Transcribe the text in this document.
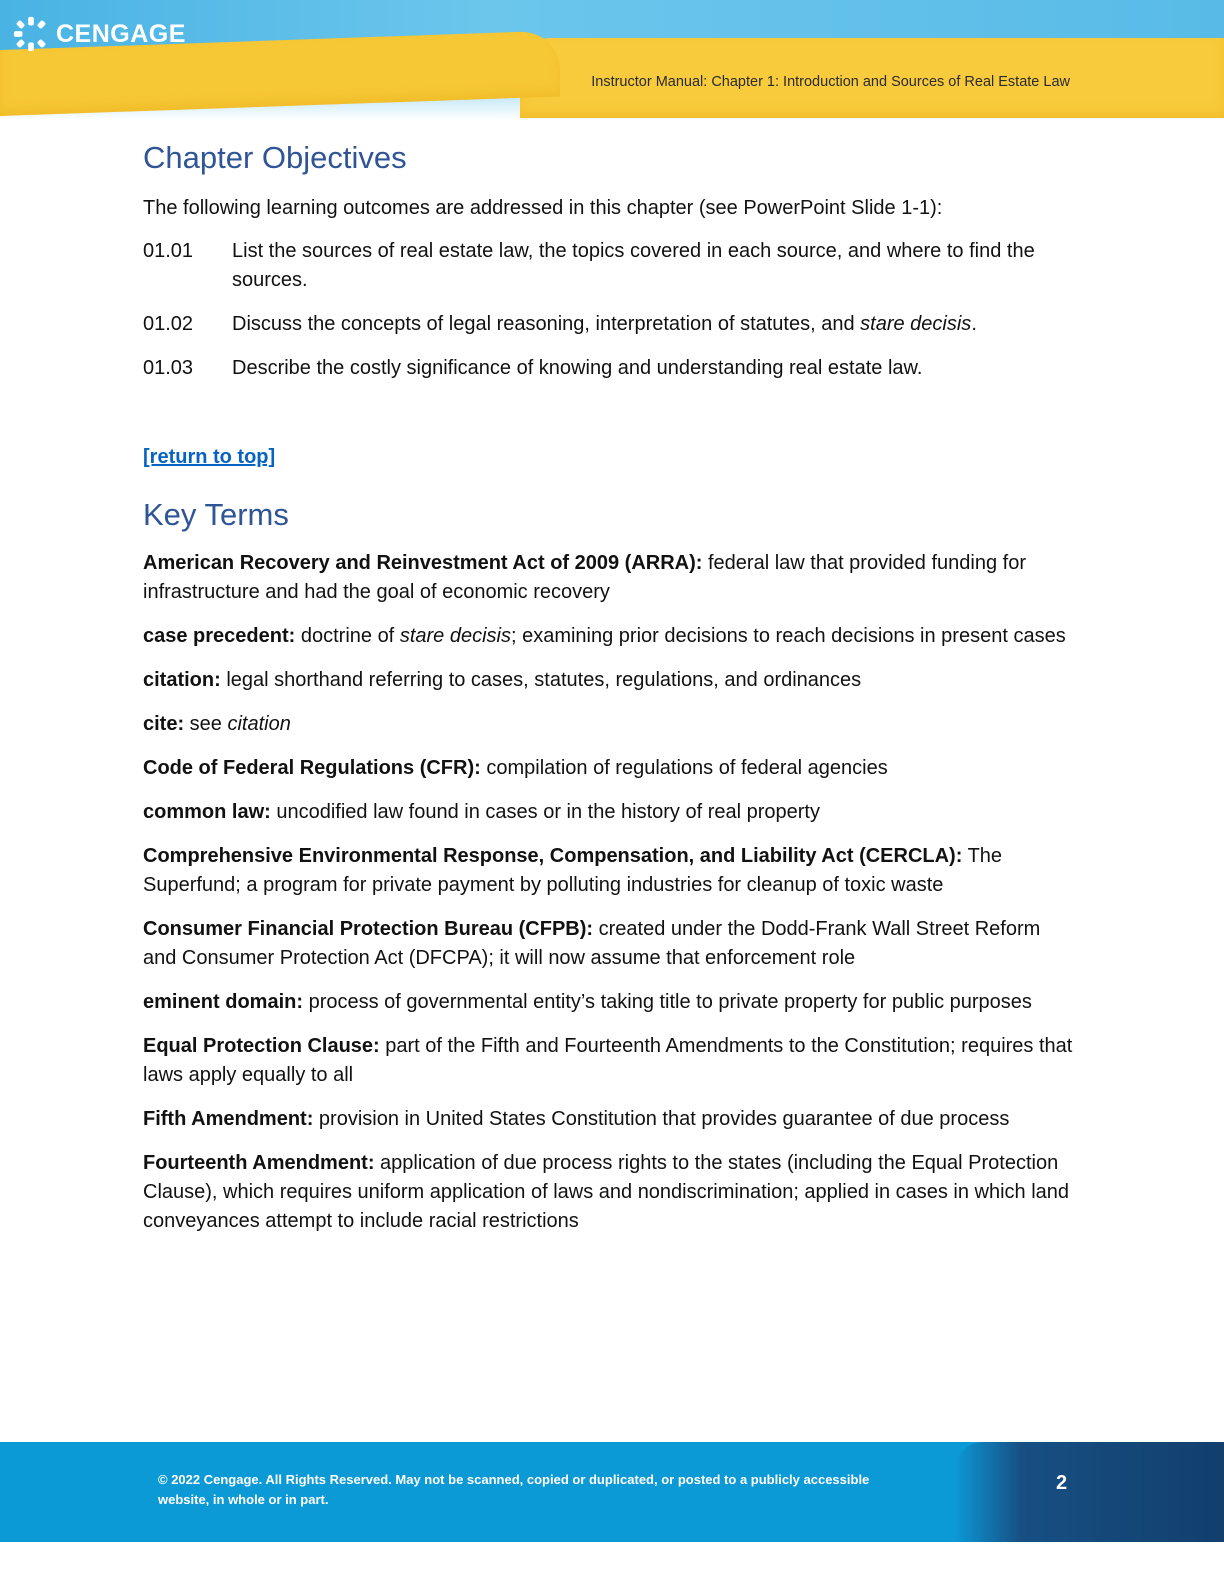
CENGAGE
Instructor Manual: Chapter 1: Introduction and Sources of Real Estate Law
Chapter Objectives

The following learning outcomes are addressed in this chapter (see PowerPoint Slide 1-1):

01.01	List the sources of real estate law, the topics covered in each source, and where to find the sources.
01.02	Discuss the concepts of legal reasoning, interpretation of statutes, and stare decisis.
01.03	Describe the costly significance of knowing and understanding real estate law.
[return to top]
Key Terms

American Recovery and Reinvestment Act of 2009 (ARRA): federal law that provided funding for infrastructure and had the goal of economic recovery

case precedent: doctrine of stare decisis; examining prior decisions to reach decisions in present cases

citation: legal shorthand referring to cases, statutes, regulations, and ordinances

cite: see citation

Code of Federal Regulations (CFR): compilation of regulations of federal agencies

common law: uncodified law found in cases or in the history of real property

Comprehensive Environmental Response, Compensation, and Liability Act (CERCLA): The Superfund; a program for private payment by polluting industries for cleanup of toxic waste

Consumer Financial Protection Bureau (CFPB): created under the Dodd-Frank Wall Street Reform and Consumer Protection Act (DFCPA); it will now assume that enforcement role

eminent domain: process of governmental entity’s taking title to private property for public purposes

Equal Protection Clause: part of the Fifth and Fourteenth Amendments to the Constitution; requires that laws apply equally to all

Fifth Amendment: provision in United States Constitution that provides guarantee of due process

Fourteenth Amendment: application of due process rights to the states (including the Equal Protection Clause), which requires uniform application of laws and nondiscrimination; applied in cases in which land conveyances attempt to include racial restrictions

© 2022 Cengage. All Rights Reserved. May not be scanned, copied or duplicated, or posted to a publicly accessible website, in whole or in part.
2
